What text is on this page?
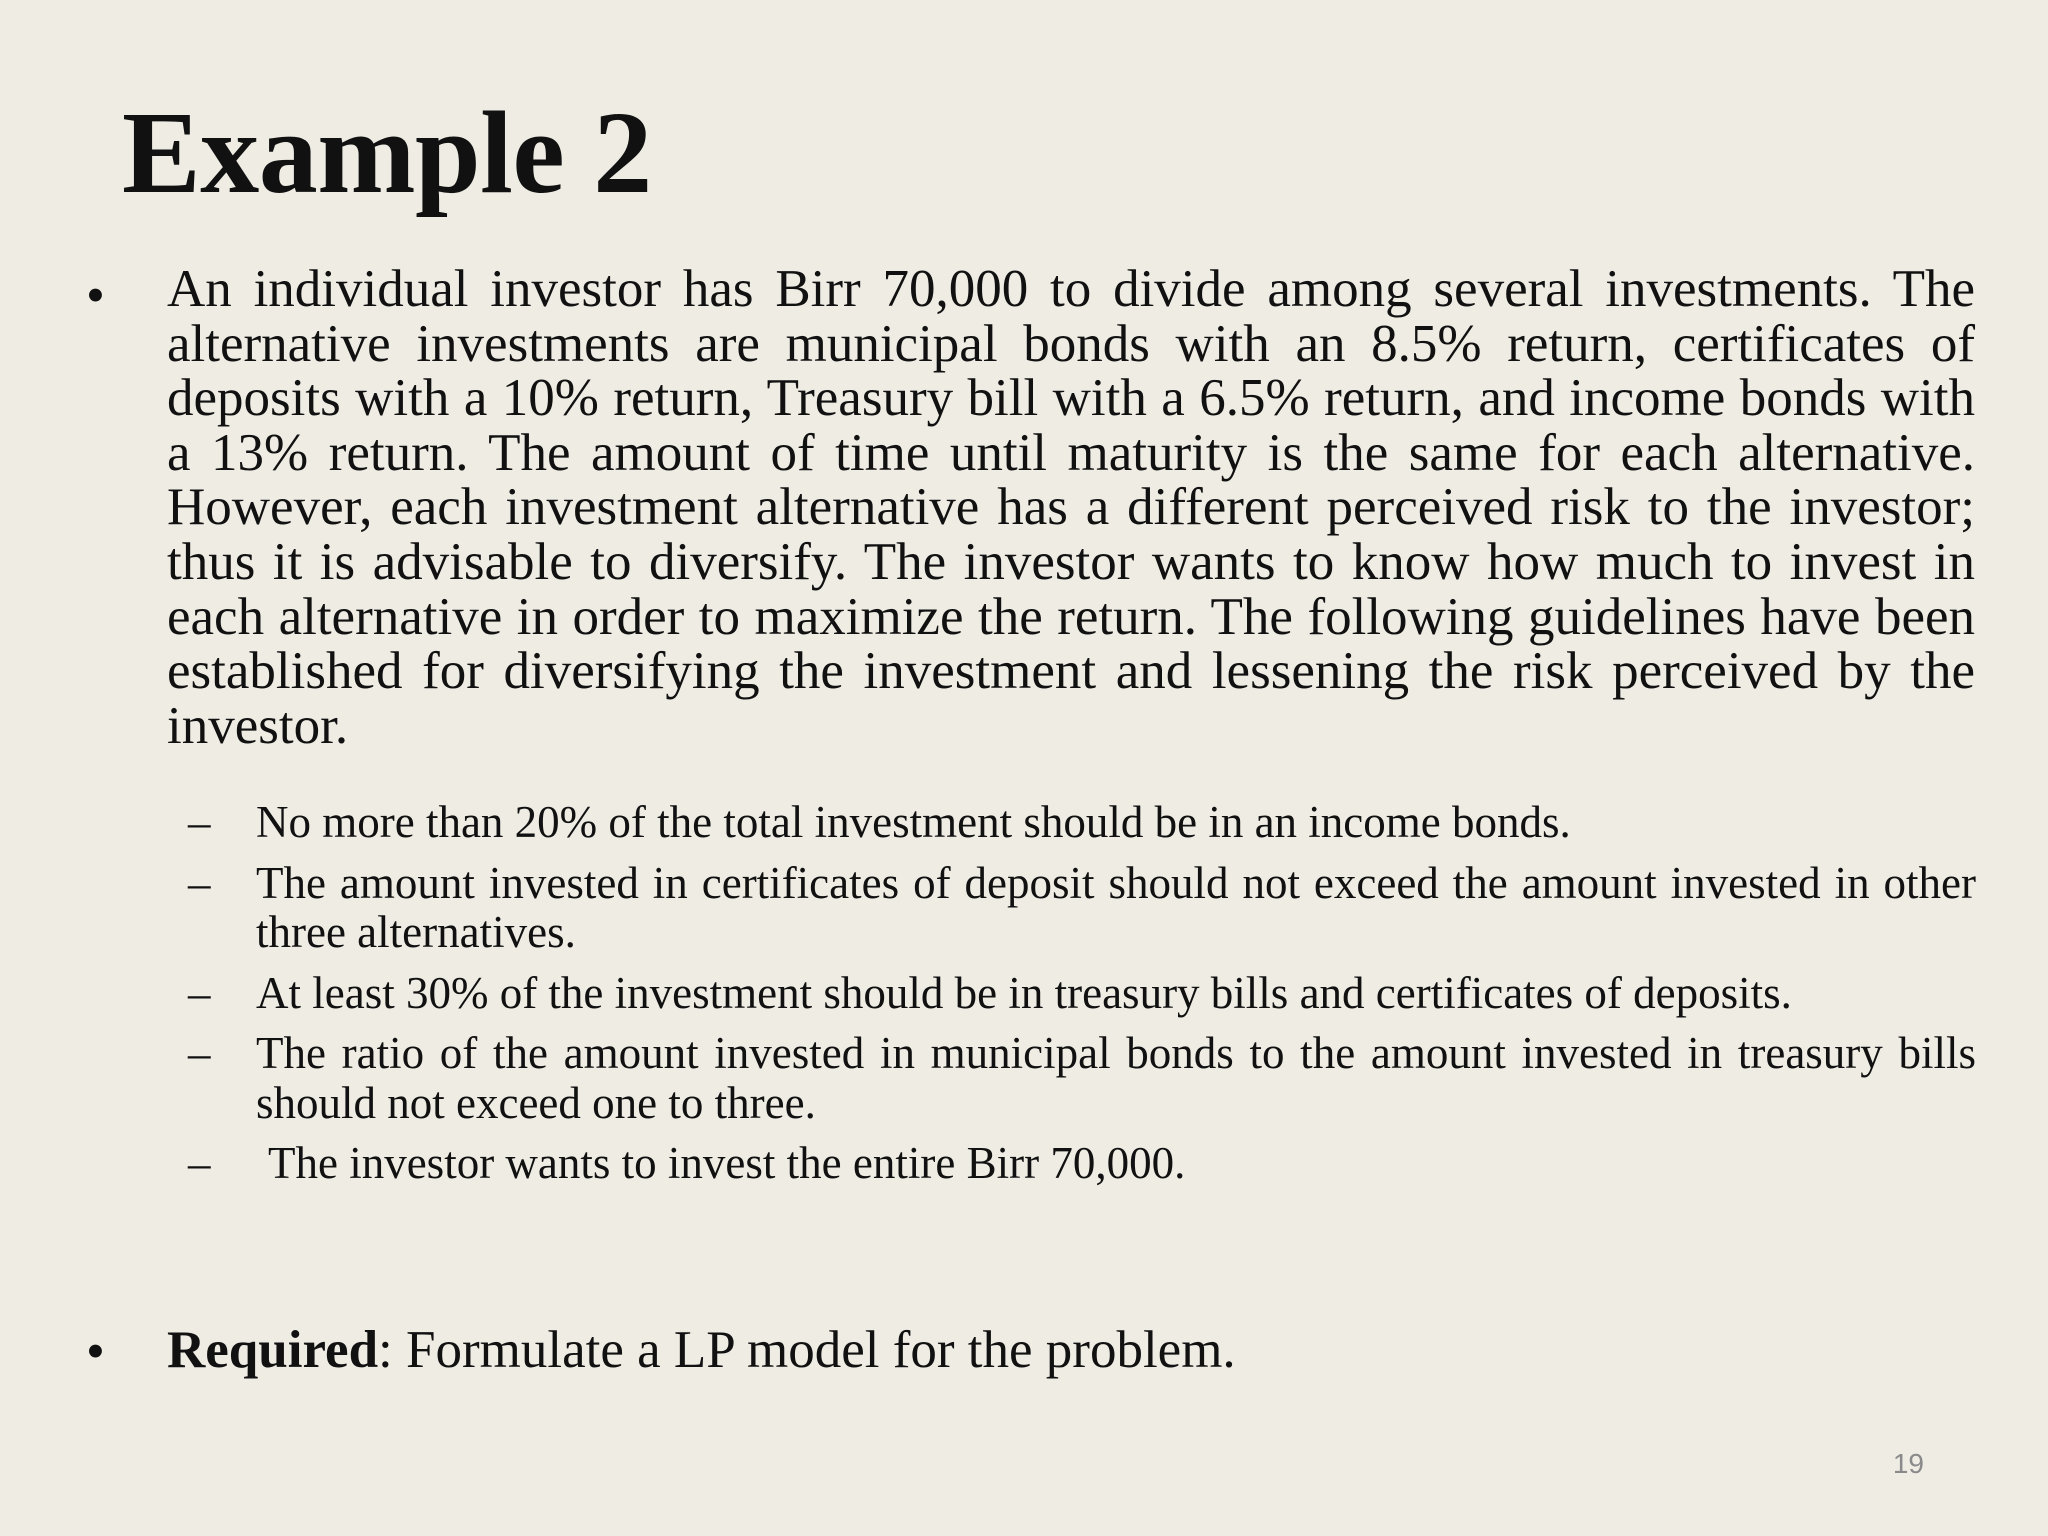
Example 2
• An individual investor has Birr 70,000 to divide among several investments. The alternative investments are municipal bonds with an 8.5% return, certificates of deposits with a 10% return, Treasury bill with a 6.5% return, and income bonds with a 13% return. The amount of time until maturity is the same for each alternative. However, each investment alternative has a different perceived risk to the investor; thus it is advisable to diversify. The investor wants to know how much to invest in each alternative in order to maximize the return. The following guidelines have been established for diversifying the investment and lessening the risk perceived by the investor.

– No more than 20% of the total investment should be in an income bonds.
– The amount invested in certificates of deposit should not exceed the amount invested in other three alternatives.
– At least 30% of the investment should be in treasury bills and certificates of deposits.
– The ratio of the amount invested in municipal bonds to the amount invested in treasury bills should not exceed one to three.
– The investor wants to invest the entire Birr 70,000.
• Required: Formulate a LP model for the problem.

19
